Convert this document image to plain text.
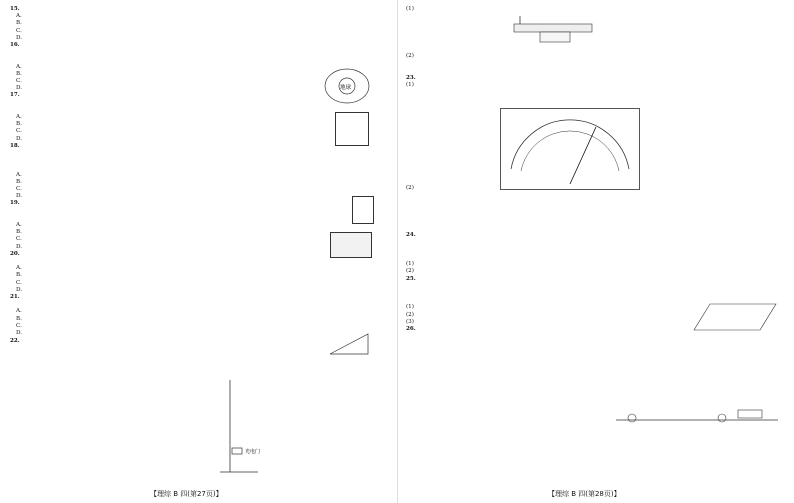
15.

A.

B.

C.

D.

16.

A.

B.

C.

D.

17.

A.

B.

C.

D.

18.

A.

B.

C.

D.

19.

A.

B.

C.

D.

20.

A.

B.

C.

D.

21.

A.

B.

C.

D.

22.

地球
光电门

(1)

(2)

23.

(1)

(2)

24.

(1)

(2)

25.

(1)

(2)

(3)

26.

【理综 B 四(第27页)】	【理综 B 四(第28页)】
